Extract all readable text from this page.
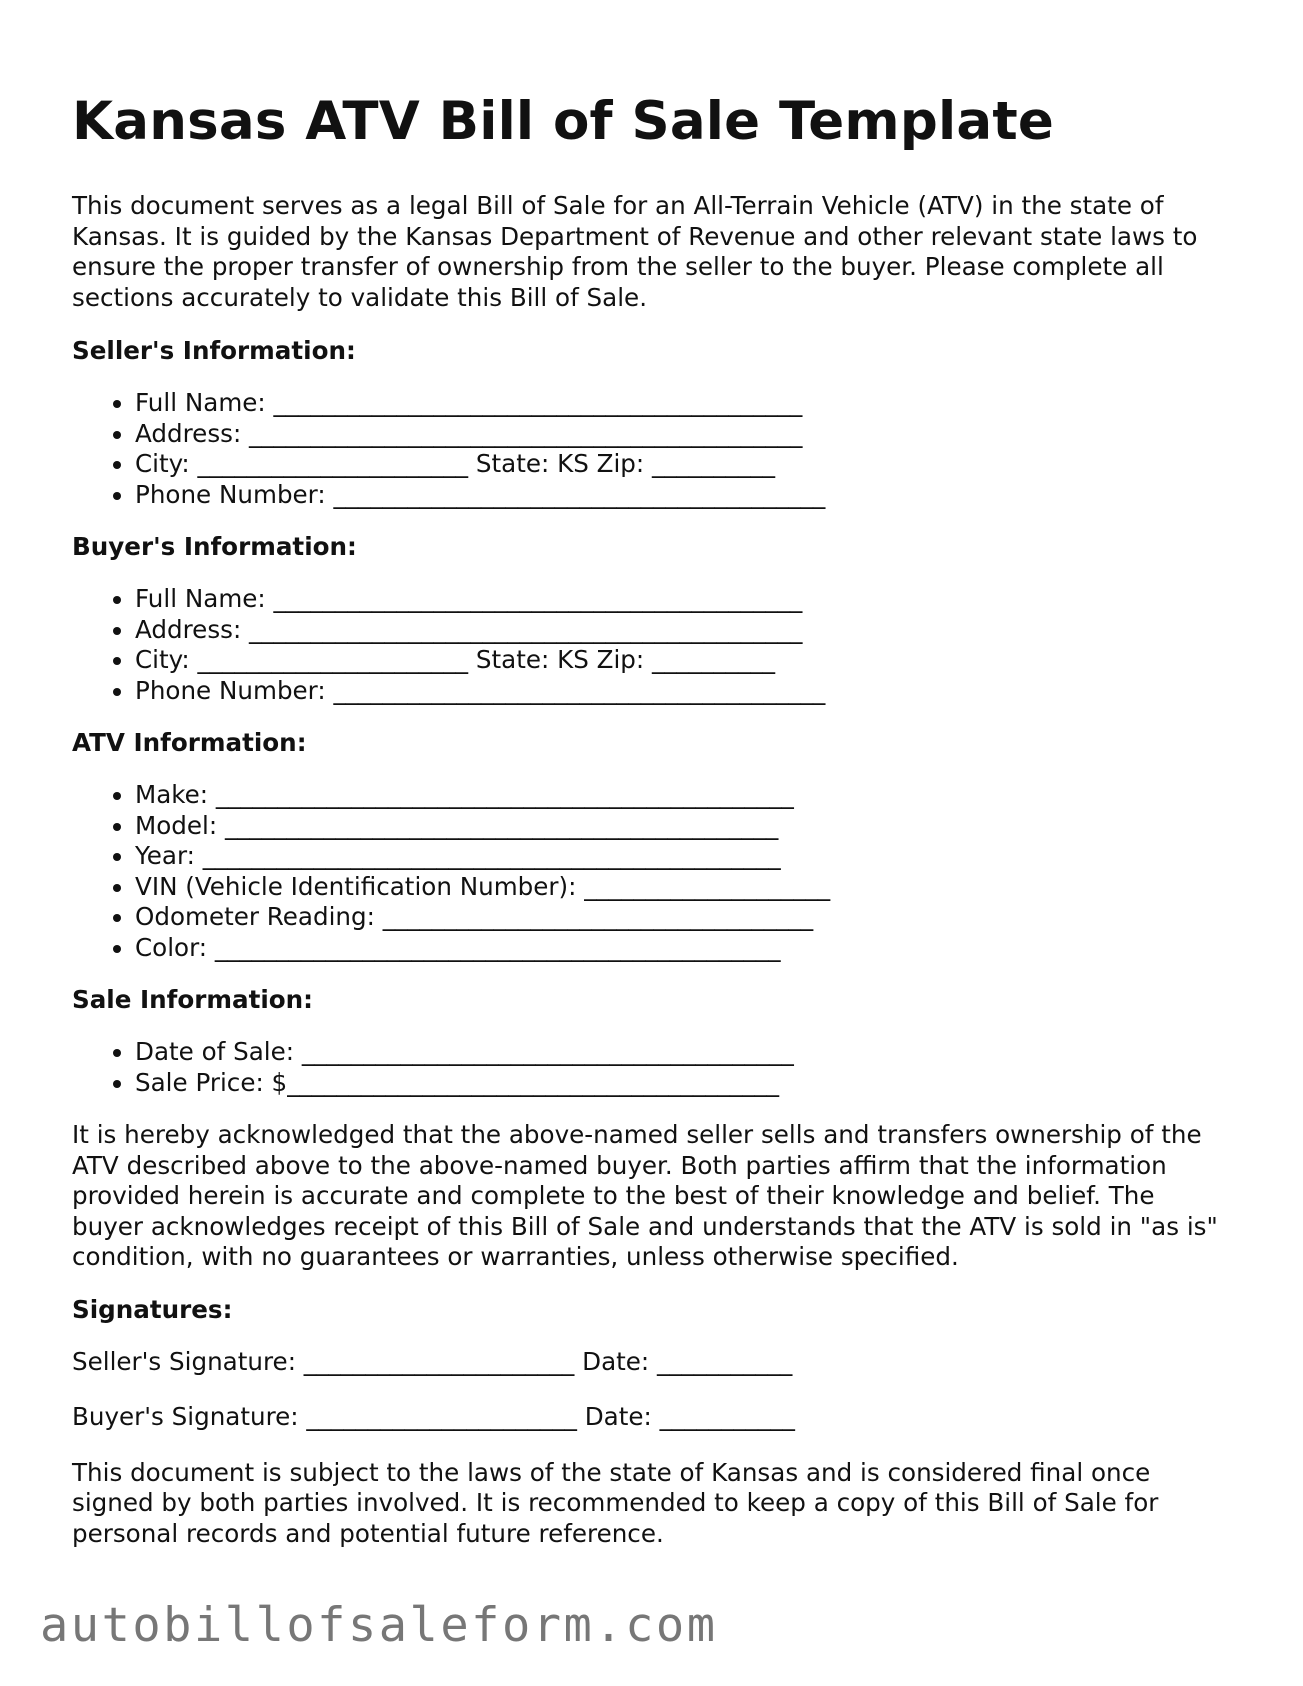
Kansas ATV Bill of Sale Template

This document serves as a legal Bill of Sale for an All-Terrain Vehicle (ATV) in the state of Kansas. It is guided by the Kansas Department of Revenue and other relevant state laws to ensure the proper transfer of ownership from the seller to the buyer. Please complete all sections accurately to validate this Bill of Sale.

Seller's Information:
• Full Name: ___________________________________________
• Address: _____________________________________________
• City: ______________________ State: KS Zip: __________
• Phone Number: ________________________________________
Buyer's Information:
• Full Name: ___________________________________________
• Address: _____________________________________________
• City: ______________________ State: KS Zip: __________
• Phone Number: ________________________________________
ATV Information:
• Make: _______________________________________________
• Model: _____________________________________________
• Year: _______________________________________________
• VIN (Vehicle Identification Number): ____________________
• Odometer Reading: ___________________________________
• Color: ______________________________________________
Sale Information:
• Date of Sale: ________________________________________
• Sale Price: $________________________________________

It is hereby acknowledged that the above-named seller sells and transfers ownership of the ATV described above to the above-named buyer. Both parties affirm that the information provided herein is accurate and complete to the best of their knowledge and belief. The buyer acknowledges receipt of this Bill of Sale and understands that the ATV is sold in "as is" condition, with no guarantees or warranties, unless otherwise specified.

Signatures:

Seller's Signature: ______________________ Date: ___________

Buyer's Signature: ______________________ Date: ___________

This document is subject to the laws of the state of Kansas and is considered final once signed by both parties involved. It is recommended to keep a copy of this Bill of Sale for personal records and potential future reference.

autobillofsaleform.com
